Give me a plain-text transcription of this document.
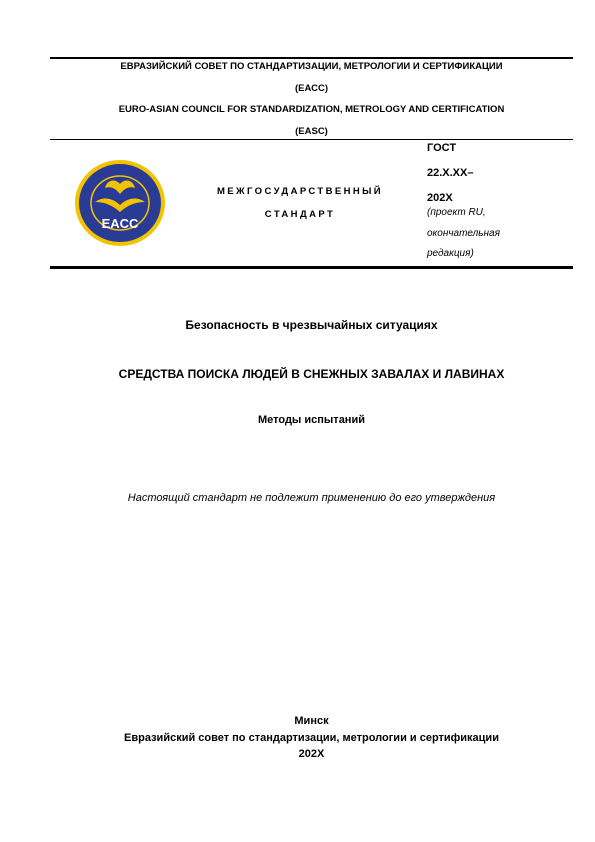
ЕВРАЗИЙСКИЙ СОВЕТ ПО СТАНДАРТИЗАЦИИ, МЕТРОЛОГИИ И СЕРТИФИКАЦИИ
(ЕАСС)
EURO-ASIAN COUNCIL FOR STANDARDIZATION, METROLOGY AND CERTIFICATION
(EASC)
EACC
МЕЖГОСУДАРСТВЕННЫЙ
СТАНДАРТ
ГОСТ
22.Х.ХХ–
202Х
(проект RU,
окончательная
редакция)
Безопасность в чрезвычайных ситуациях
СРЕДСТВА ПОИСКА ЛЮДЕЙ В СНЕЖНЫХ ЗАВАЛАХ И ЛАВИНАХ
Методы испытаний
Настоящий стандарт не подлежит применению до его утверждения
Минск
Евразийский совет по стандартизации, метрологии и сертификации
202Х
